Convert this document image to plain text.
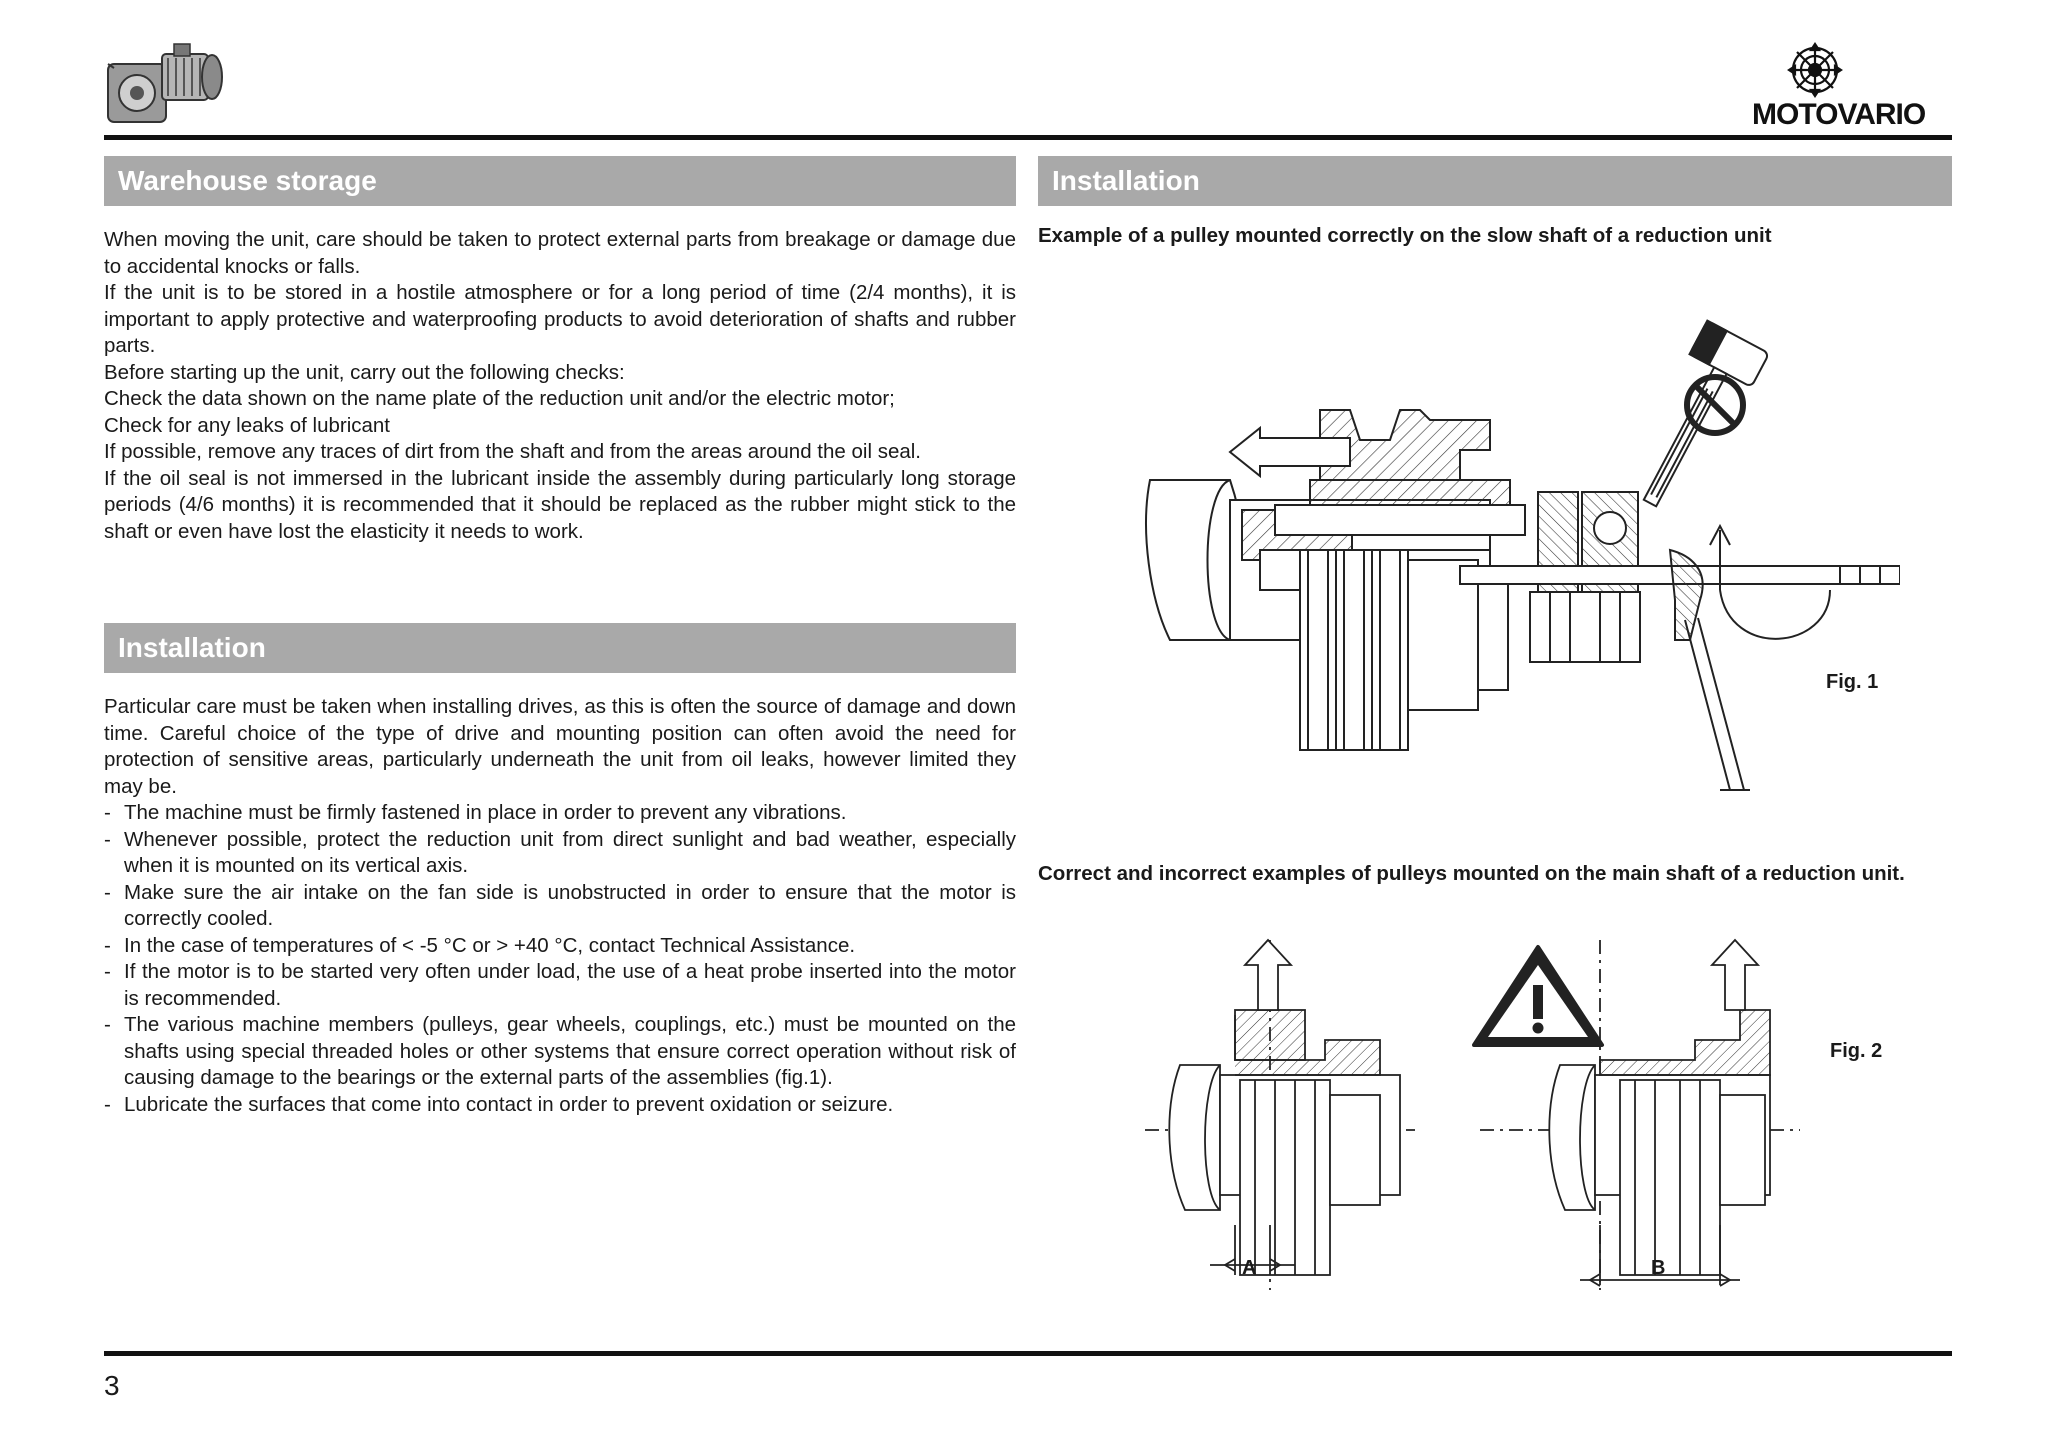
MOTOVARIO
Warehouse storage

When moving the unit, care should be taken to protect external parts from breakage or damage due to accidental knocks or falls.

If the unit is to be stored in a hostile atmosphere or for a long period of time (2/4 months), it is important to apply protective and waterproofing products to avoid deterioration of shafts and rubber parts.

Before starting up the unit, carry out the following checks:

Check the data shown on the name plate of the reduction unit and/or the electric motor;

Check for any leaks of lubricant

If possible, remove any traces of dirt from the shaft and from the areas around the oil seal.

If the oil seal is not immersed in the lubricant inside the assembly during particularly long storage periods (4/6 months) it is recommended that it should be replaced as the rubber might stick to the shaft or even have lost the elasticity it needs to work.

Installation

Particular care must be taken when installing drives, as this is often the source of damage and down time. Careful choice of the type of drive and mounting position can often avoid the need for protection of sensitive areas, particularly underneath the unit from oil leaks, however limited they may be.

- The machine must be firmly fastened in place in order to prevent any vibrations.
- Whenever possible, protect the reduction unit from direct sunlight and bad weather, especially when it is mounted on its vertical axis.
- Make sure the air intake on the fan side is unobstructed in order to ensure that the motor is correctly cooled.
- In the case of temperatures of < -5 °C or > +40 °C, contact Technical Assistance.
- If the motor is to be started very often under load, the use of a heat probe inserted into the motor is recommended.
- The various machine members (pulleys, gear wheels, couplings, etc.) must be mounted on the shafts using special threaded holes or other systems that ensure correct operation without risk of causing damage to the bearings or the external parts of the assemblies (fig.1).
- Lubricate the surfaces that come into contact in order to prevent oxidation or seizure.
Installation
Example of a pulley mounted correctly on the slow shaft of a reduction unit
Fig. 1
Correct and incorrect examples of pulleys mounted on the main shaft of a reduction unit.
A	B
Fig. 2
3
